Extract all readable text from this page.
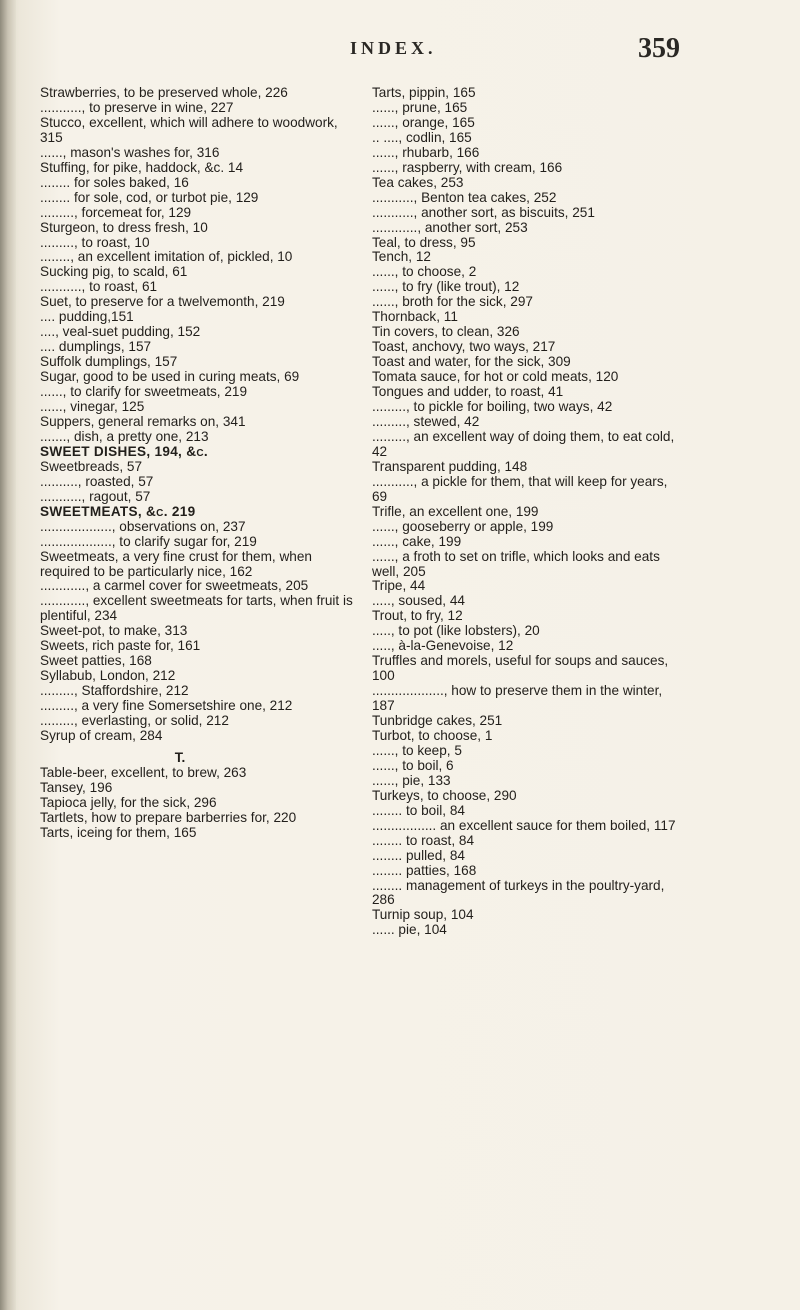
INDEX.	359

Strawberries, to be preserved whole, 226

..........., to preserve in wine, 227

Stucco, excellent, which will adhere to woodwork, 315

......, mason's washes for, 316

Stuffing, for pike, haddock, &c. 14

........ for soles baked, 16

........ for sole, cod, or turbot pie, 129

........., forcemeat for, 129

Sturgeon, to dress fresh, 10

........., to roast, 10

........, an excellent imitation of, pickled, 10

Sucking pig, to scald, 61

..........., to roast, 61

Suet, to preserve for a twelvemonth, 219

.... pudding,151

...., veal-suet pudding, 152

.... dumplings, 157

Suffolk dumplings, 157

Sugar, good to be used in curing meats, 69

......, to clarify for sweetmeats, 219

......, vinegar, 125

Suppers, general remarks on, 341

......., dish, a pretty one, 213

SWEET DISHES, 194, &c.

Sweetbreads, 57

.........., roasted, 57

..........., ragout, 57

SWEETMEATS, &c. 219

..................., observations on, 237

..................., to clarify sugar for, 219

Sweetmeats, a very fine crust for them, when required to be particularly nice, 162

............, a carmel cover for sweetmeats, 205

............, excellent sweetmeats for tarts, when fruit is plentiful, 234

Sweet-pot, to make, 313

Sweets, rich paste for, 161

Sweet patties, 168

Syllabub, London, 212

........., Staffordshire, 212

........., a very fine Somersetshire one, 212

........., everlasting, or solid, 212

Syrup of cream, 284

T.

Table-beer, excellent, to brew, 263

Tansey, 196

Tapioca jelly, for the sick, 296

Tartlets, how to prepare barberries for, 220

Tarts, iceing for them, 165

Tarts, pippin, 165

......, prune, 165

......, orange, 165

.. ...., codlin, 165

......, rhubarb, 166

......, raspberry, with cream, 166

Tea cakes, 253

..........., Benton tea cakes, 252

..........., another sort, as biscuits, 251

............, another sort, 253

Teal, to dress, 95

Tench, 12

......, to choose, 2

......, to fry (like trout), 12

......, broth for the sick, 297

Thornback, 11

Tin covers, to clean, 326

Toast, anchovy, two ways, 217

Toast and water, for the sick, 309

Tomata sauce, for hot or cold meats, 120

Tongues and udder, to roast, 41

........., to pickle for boiling, two ways, 42

........., stewed, 42

........., an excellent way of doing them, to eat cold, 42

Transparent pudding, 148

..........., a pickle for them, that will keep for years, 69

Trifle, an excellent one, 199

......, gooseberry or apple, 199

......, cake, 199

......, a froth to set on trifle, which looks and eats well, 205

Tripe, 44

....., soused, 44

Trout, to fry, 12

....., to pot (like lobsters), 20

....., à-la-Genevoise, 12

Truffles and morels, useful for soups and sauces, 100

..................., how to preserve them in the winter, 187

Tunbridge cakes, 251

Turbot, to choose, 1

......, to keep, 5

......, to boil, 6

......, pie, 133

Turkeys, to choose, 290

........ to boil, 84

................. an excellent sauce for them boiled, 117

........ to roast, 84

........ pulled, 84

........ patties, 168

........ management of turkeys in the poultry-yard, 286

Turnip soup, 104

...... pie, 104
